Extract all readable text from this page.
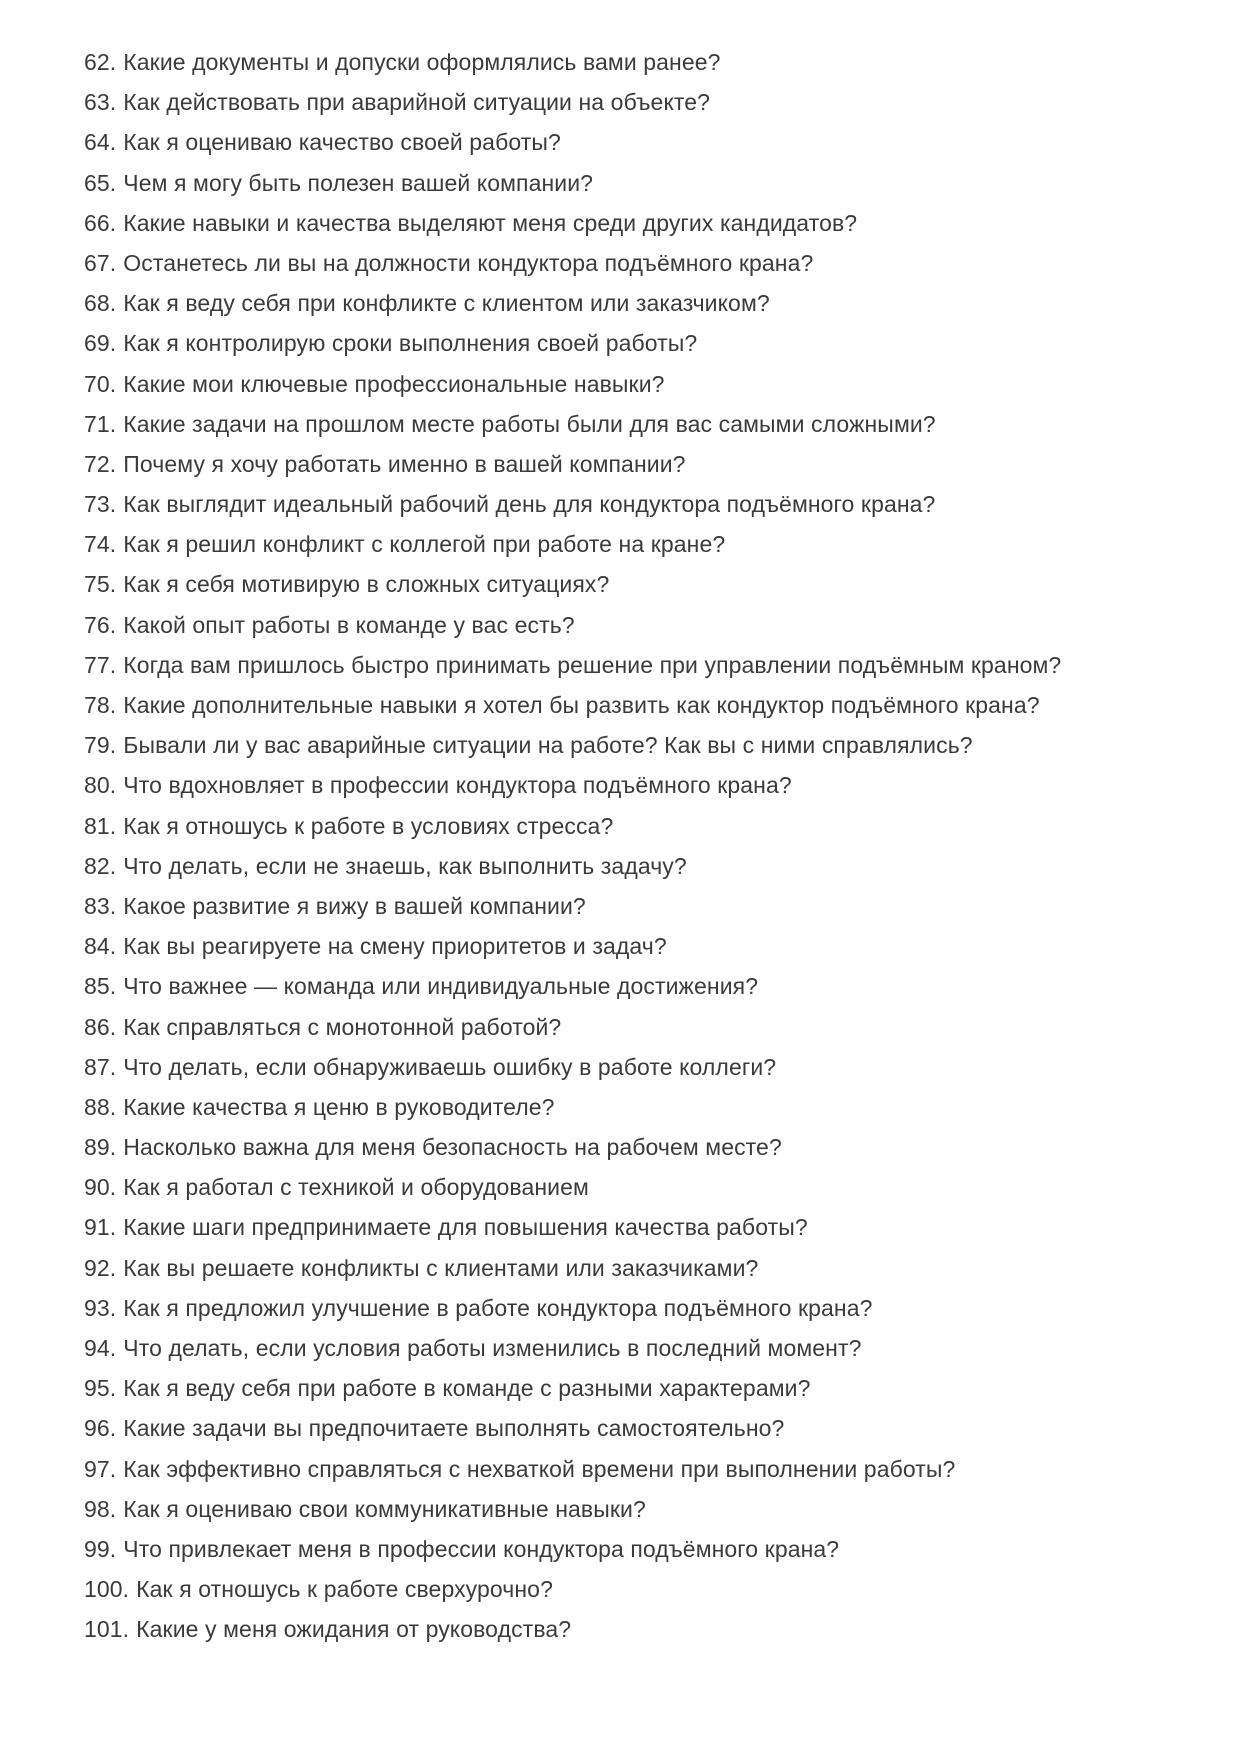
62. Какие документы и допуски оформлялись вами ранее?
63. Как действовать при аварийной ситуации на объекте?
64. Как я оцениваю качество своей работы?
65. Чем я могу быть полезен вашей компании?
66. Какие навыки и качества выделяют меня среди других кандидатов?
67. Останетесь ли вы на должности кондуктора подъёмного крана?
68. Как я веду себя при конфликте с клиентом или заказчиком?
69. Как я контролирую сроки выполнения своей работы?
70. Какие мои ключевые профессиональные навыки?
71. Какие задачи на прошлом месте работы были для вас самыми сложными?
72. Почему я хочу работать именно в вашей компании?
73. Как выглядит идеальный рабочий день для кондуктора подъёмного крана?
74. Как я решил конфликт с коллегой при работе на кране?
75. Как я себя мотивирую в сложных ситуациях?
76. Какой опыт работы в команде у вас есть?
77. Когда вам пришлось быстро принимать решение при управлении подъёмным краном?
78. Какие дополнительные навыки я хотел бы развить как кондуктор подъёмного крана?
79. Бывали ли у вас аварийные ситуации на работе? Как вы с ними справлялись?
80. Что вдохновляет в профессии кондуктора подъёмного крана?
81. Как я отношусь к работе в условиях стресса?
82. Что делать, если не знаешь, как выполнить задачу?
83. Какое развитие я вижу в вашей компании?
84. Как вы реагируете на смену приоритетов и задач?
85. Что важнее — команда или индивидуальные достижения?
86. Как справляться с монотонной работой?
87. Что делать, если обнаруживаешь ошибку в работе коллеги?
88. Какие качества я ценю в руководителе?
89. Насколько важна для меня безопасность на рабочем месте?
90. Как я работал с техникой и оборудованием
91. Какие шаги предпринимаете для повышения качества работы?
92. Как вы решаете конфликты с клиентами или заказчиками?
93. Как я предложил улучшение в работе кондуктора подъёмного крана?
94. Что делать, если условия работы изменились в последний момент?
95. Как я веду себя при работе в команде с разными характерами?
96. Какие задачи вы предпочитаете выполнять самостоятельно?
97. Как эффективно справляться с нехваткой времени при выполнении работы?
98. Как я оцениваю свои коммуникативные навыки?
99. Что привлекает меня в профессии кондуктора подъёмного крана?
100. Как я отношусь к работе сверхурочно?
101. Какие у меня ожидания от руководства?
